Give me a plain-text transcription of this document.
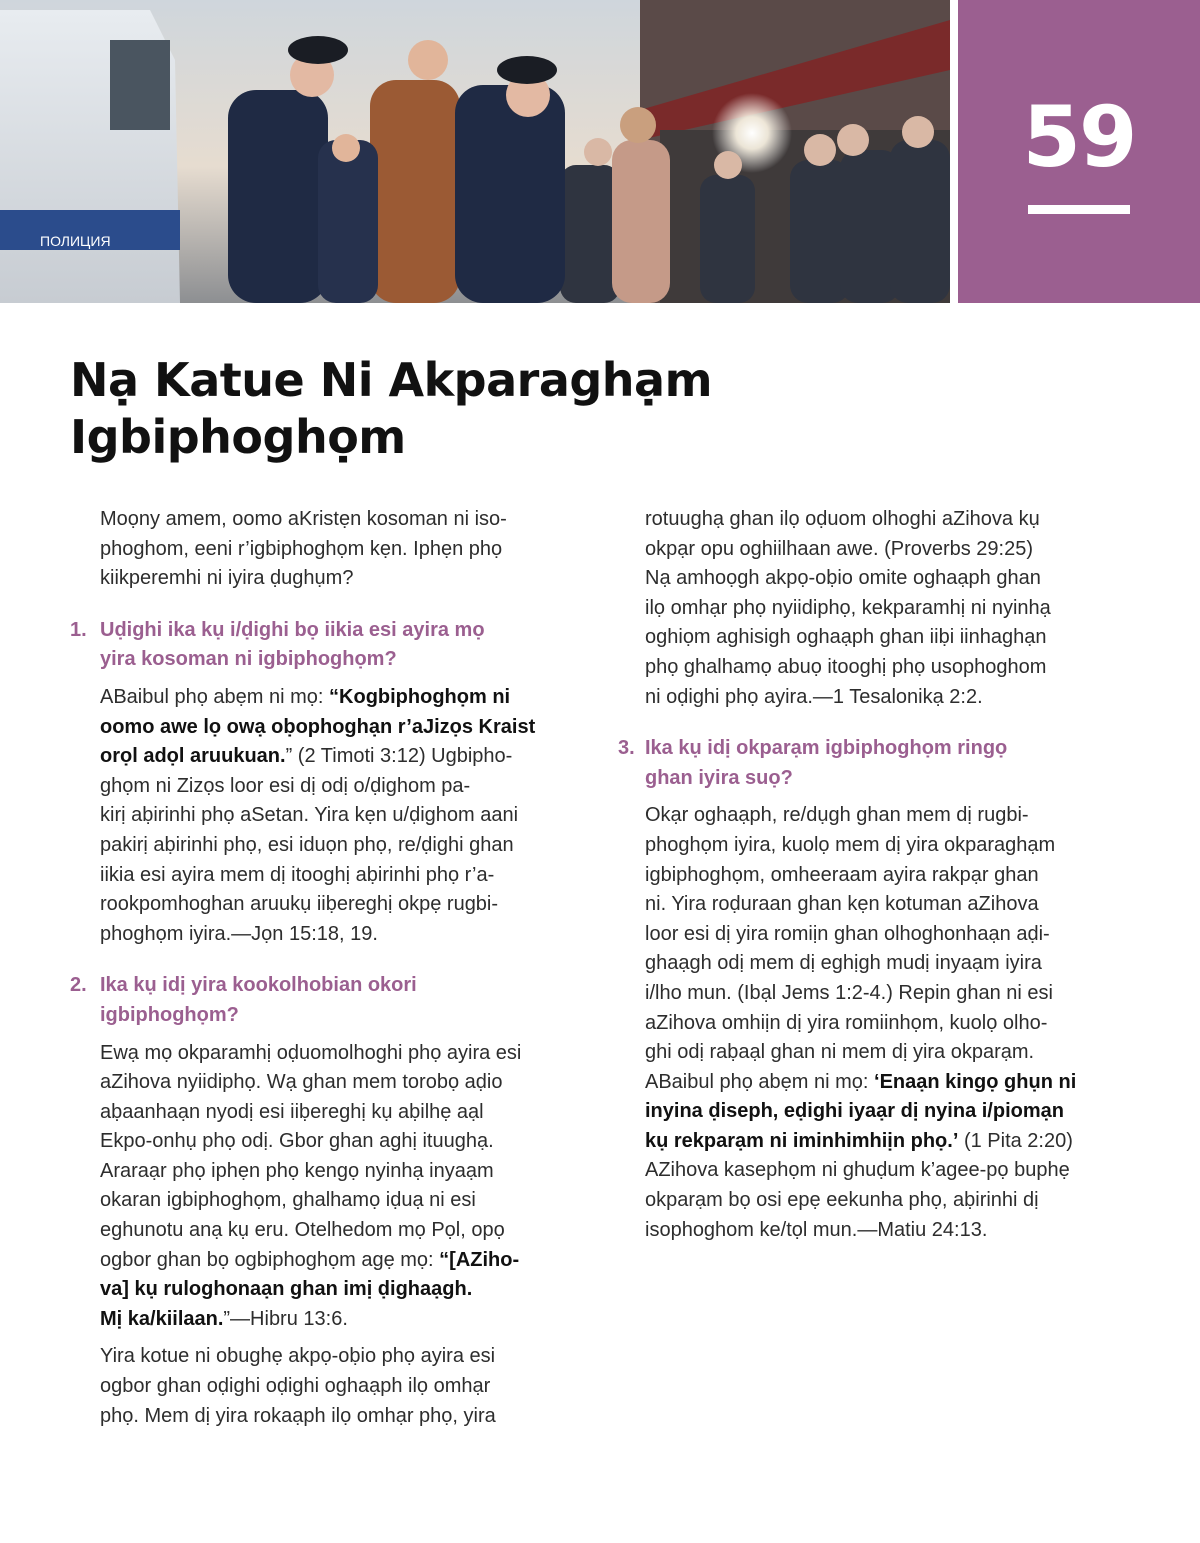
ПОЛИЦИЯ
59
Nạ Katue Ni Akparaghạm
Igbiphoghọm

Moọny amem, oomo aKristẹn kosoman ni iso-
phoghom, eeni r’igbiphoghọm kẹn. Iphẹn phọ
kiikperemhi ni iyira ḍughụm?

1. Uḍighi ika kụ i/ḍighi bọ iikia esi ayira mọ
yira kosoman ni igbiphoghọm?

ABaibul phọ abẹm ni mọ: “Kogbiphoghọm ni
oomo awe lọ owạ oḅophoghạn r’aJizọs Kraist
orọl adọl aruukuan.” (2 Timoti 3:12) Ugbipho-
ghọm ni Zizọs loor esi dị odị o/ḍighom pa-
kirị aḅirinhi phọ aSetan. Yira kẹn u/ḍighom aani
pakirị aḅirinhi phọ, esi iduọn phọ, re/ḍighi ghan
iikia esi ayira mem dị itooghị aḅirinhi phọ r’a-
rookpomhoghan aruukụ iiḅereghị okpẹ rugbi-
phoghọm iyira.—Jọn 15:18, 19.

2. Ika kụ idị yira kookolhobian okori
igbiphoghọm?

Ewạ mọ okparamhị oḍuomolhoghi phọ ayira esi
aZihova nyiidiphọ. Wạ ghan mem torobọ aḍio
aḅaanhaạn nyodị esi iiḅereghị kụ aḅilhẹ aạl
Ekpo-onhụ phọ odị. Gbor ghan aghị ituughạ.
Araraạr phọ iphẹn phọ kengọ nyinhạ inyaạm
okaran igbiphoghọm, ghalhamọ iḍuạ ni esi
eghunotu anạ kụ eru. Otelhedom mọ Pọl, opọ
ogbor ghan bọ ogbiphoghọm agẹ mọ: “[AZiho-
va] kụ ruloghonaạn ghan imị ḍighaạgh.
Mị ka/kiilaan.”—Hibru 13:6.

Yira kotue ni obughẹ akpọ-oḅio phọ ayira esi
ogbor ghan oḍighi oḍighi oghaạph ilọ omhạr
phọ. Mem dị yira rokaạph ilọ omhạr phọ, yira

rotuughạ ghan ilọ oḍuom olhoghi aZihova kụ
okpạr opu oghiilhaan awe. (Proverbs 29:25)
Nạ amhoọgh akpọ-oḅio omite oghaạph ghan
ilọ omhạr phọ nyiidiphọ, kekparamhị ni nyinhạ
oghiọm aghisigh oghaạph ghan iiḅi iinhaghạn
phọ ghalhamọ abuọ itooghị phọ usophoghom
ni oḍighi phọ ayira.—1 Tesalonikạ 2:2.

3. Ika kụ idị okparạm igbiphoghọm ringọ
ghan iyira suọ?

Okạr oghaạph, re/dụgh ghan mem dị rugbi-
phoghọm iyira, kuolọ mem dị yira okparaghạm
igbiphoghọm, omheeraam ayira rakpạr ghan
ni. Yira roḍuraan ghan kẹn kotuman aZihova
loor esi dị yira romiịn ghan olhoghonhaạn aḍi-
ghaạgh odị mem dị eghịgh mudị inyaạm iyira
i/lho mun. (Ibạl Jems 1:2-4.) Repin ghan ni esi
aZihova omhiịn dị yira romiinhọm, kuolọ olho-
ghi odị raḅaạl ghan ni mem dị yira okparạm.
ABaibul phọ abẹm ni mọ: ‘Enaạn kingọ ghụn ni
inyina ḍiseph, eḍighi iyaạr dị nyina i/piomạn
kụ rekparạm ni iminhimhiịn phọ.’ (1 Pita 2:20)
AZihova kasephọm ni ghuḍum k’agee-pọ buphẹ
okparạm bọ osi epẹ eekunha phọ, aḅirinhi dị
isophoghom ke/tọl mun.—Matiu 24:13.
